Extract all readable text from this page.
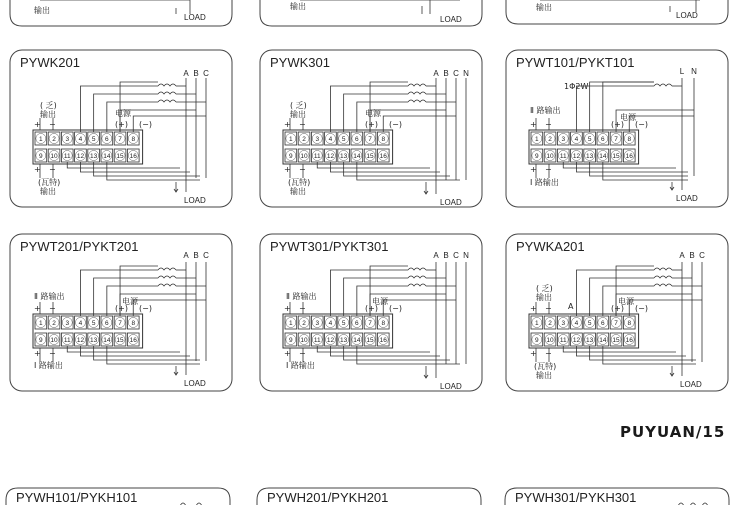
输出
LOAD
输出
LOAD
输出
LOAD
PYWK201
A B C
( 乏)
输出	电源
(瓦特)
输出
LOAD
1 2 3 4 5 6 7 8
9 10 11 12 13 14 15 16
+ −
+ −
(+) (−)
PYWK301
A B C N
( 乏)
输出	电源
(瓦特)
输出
LOAD
1 2 3 4 5 6 7 8
9 10 11 12 13 14 15 16
+ −
+ −
(+) (−)
PYWT101/PYKT101
L N
1Φ2W
Ⅱ 路输出
电源
Ⅰ 路输出
LOAD
1 2 3 4 5 6 7 8
9 10 11 12 13 14 15 16
+ −
+ −
(+) (−)
PYWT201/PYKT201
A B C
Ⅱ 路输出
电源
Ⅰ 路输出
LOAD
1 2 3 4 5 6 7 8
9 10 11 12 13 14 15 16
+ −
+ −
(+) (−)
PYWT301/PYKT301
A B C N
Ⅱ 路输出
电源
Ⅰ 路输出
LOAD
1 2 3 4 5 6 7 8
9 10 11 12 13 14 15 16
+ −
+ −
(+) (−)
PYWKA201
A B C
( 乏)
输出
A
电源
(瓦特)
输出
LOAD
1 2 3 4 5 6 7 8
9 10 11 12 13 14 15 16
+ −
+ −
(+) (−)
PUYUAN/15
PYWH101/PYKH101	PYWH201/PYKH201	PYWH301/PYKH301
